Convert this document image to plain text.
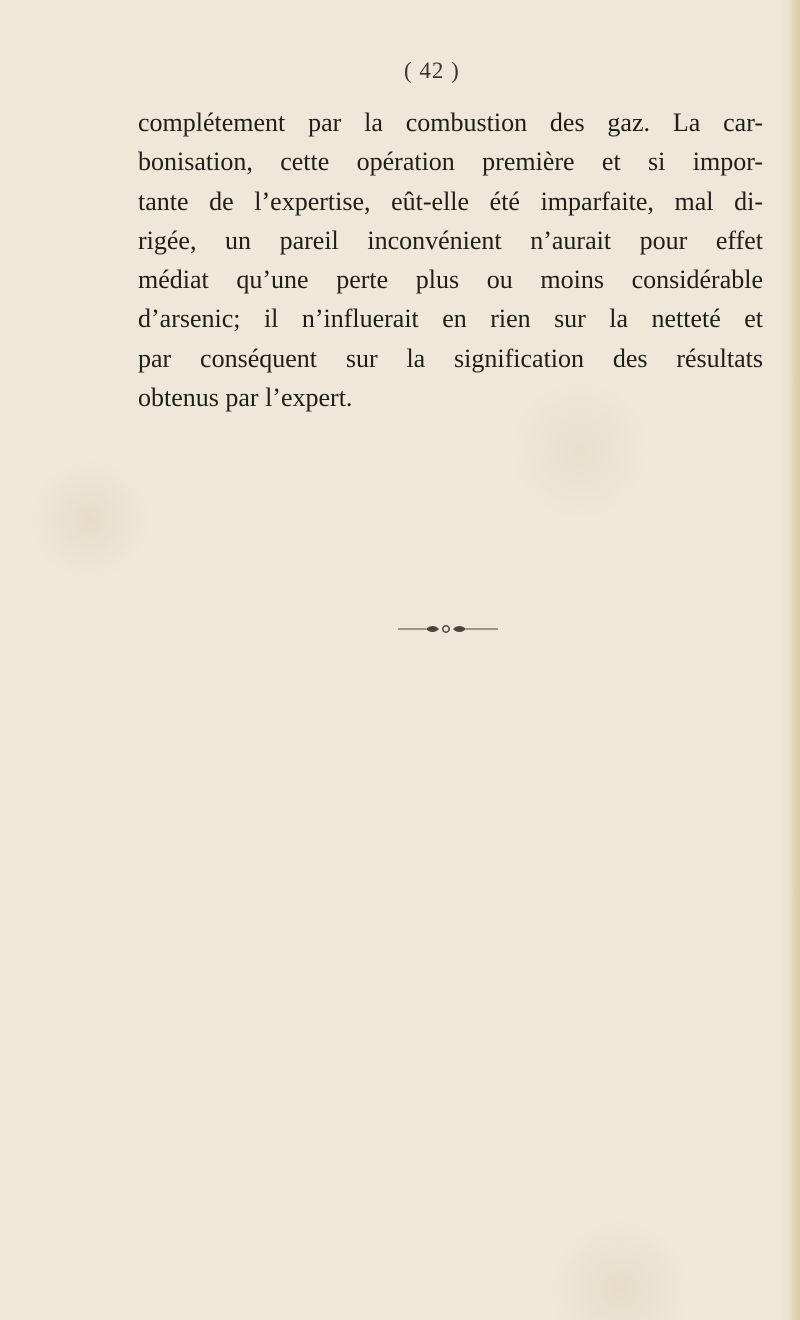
( 42 )
complétement par la combustion des gaz. La car-
bonisation, cette opération première et si impor-
tante de l’expertise, eût-elle été imparfaite, mal di-
rigée, un pareil inconvénient n’aurait pour effet
médiat qu’une perte plus ou moins considérable
d’arsenic; il n’influerait en rien sur la netteté et
par conséquent sur la signification des résultats
obtenus par l’expert.
